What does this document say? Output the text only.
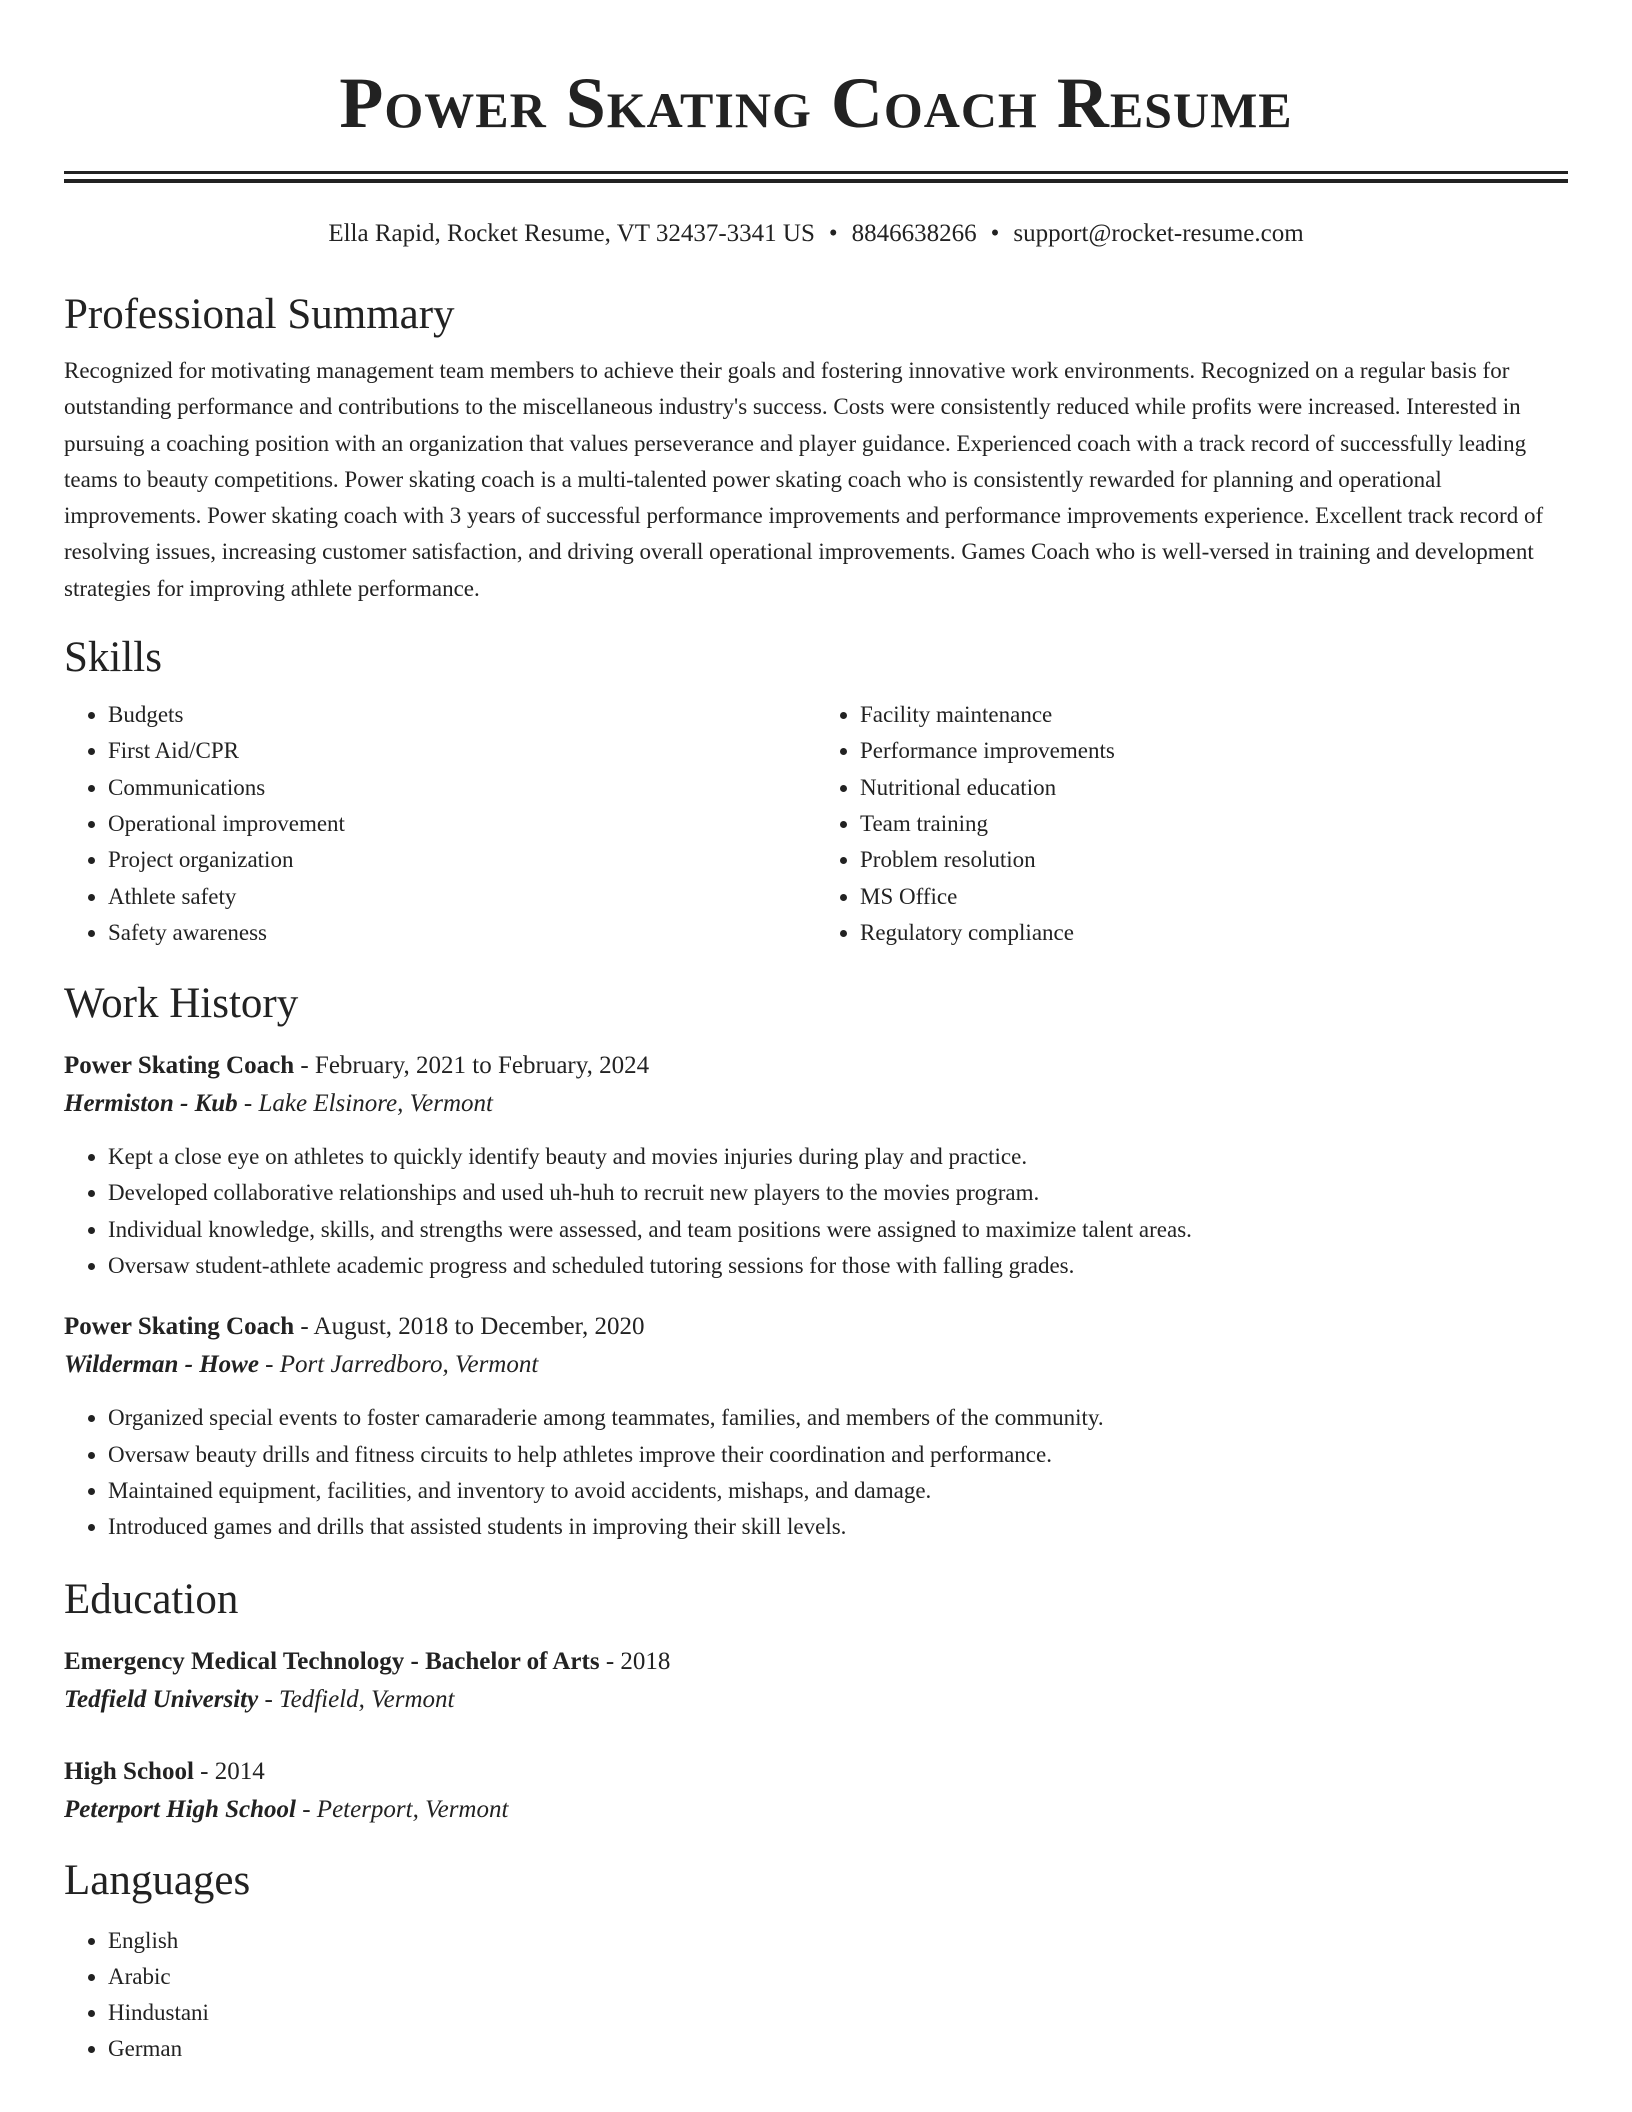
Power Skating Coach Resume
Ella Rapid, Rocket Resume, VT 32437-3341 US • 8846638266 • support@rocket-resume.com
Professional Summary

Recognized for motivating management team members to achieve their goals and fostering innovative work environments. Recognized on a regular basis for outstanding performance and contributions to the miscellaneous industry's success. Costs were consistently reduced while profits were increased. Interested in pursuing a coaching position with an organization that values perseverance and player guidance. Experienced coach with a track record of successfully leading teams to beauty competitions. Power skating coach is a multi-talented power skating coach who is consistently rewarded for planning and operational improvements. Power skating coach with 3 years of successful performance improvements and performance improvements experience. Excellent track record of resolving issues, increasing customer satisfaction, and driving overall operational improvements. Games Coach who is well-versed in training and development strategies for improving athlete performance.

Skills
• Budgets
• First Aid/CPR
• Communications
• Operational improvement
• Project organization
• Athlete safety
• Safety awareness
• Facility maintenance
• Performance improvements
• Nutritional education
• Team training
• Problem resolution
• MS Office
• Regulatory compliance
Work History
Power Skating Coach - February, 2021 to February, 2024
Hermiston - Kub - Lake Elsinore, Vermont
• Kept a close eye on athletes to quickly identify beauty and movies injuries during play and practice.
• Developed collaborative relationships and used uh-huh to recruit new players to the movies program.
• Individual knowledge, skills, and strengths were assessed, and team positions were assigned to maximize talent areas.
• Oversaw student-athlete academic progress and scheduled tutoring sessions for those with falling grades.
Power Skating Coach - August, 2018 to December, 2020
Wilderman - Howe - Port Jarredboro, Vermont
• Organized special events to foster camaraderie among teammates, families, and members of the community.
• Oversaw beauty drills and fitness circuits to help athletes improve their coordination and performance.
• Maintained equipment, facilities, and inventory to avoid accidents, mishaps, and damage.
• Introduced games and drills that assisted students in improving their skill levels.
Education
Emergency Medical Technology - Bachelor of Arts - 2018
Tedfield University - Tedfield, Vermont
High School - 2014
Peterport High School - Peterport, Vermont
Languages
• English
• Arabic
• Hindustani
• German
